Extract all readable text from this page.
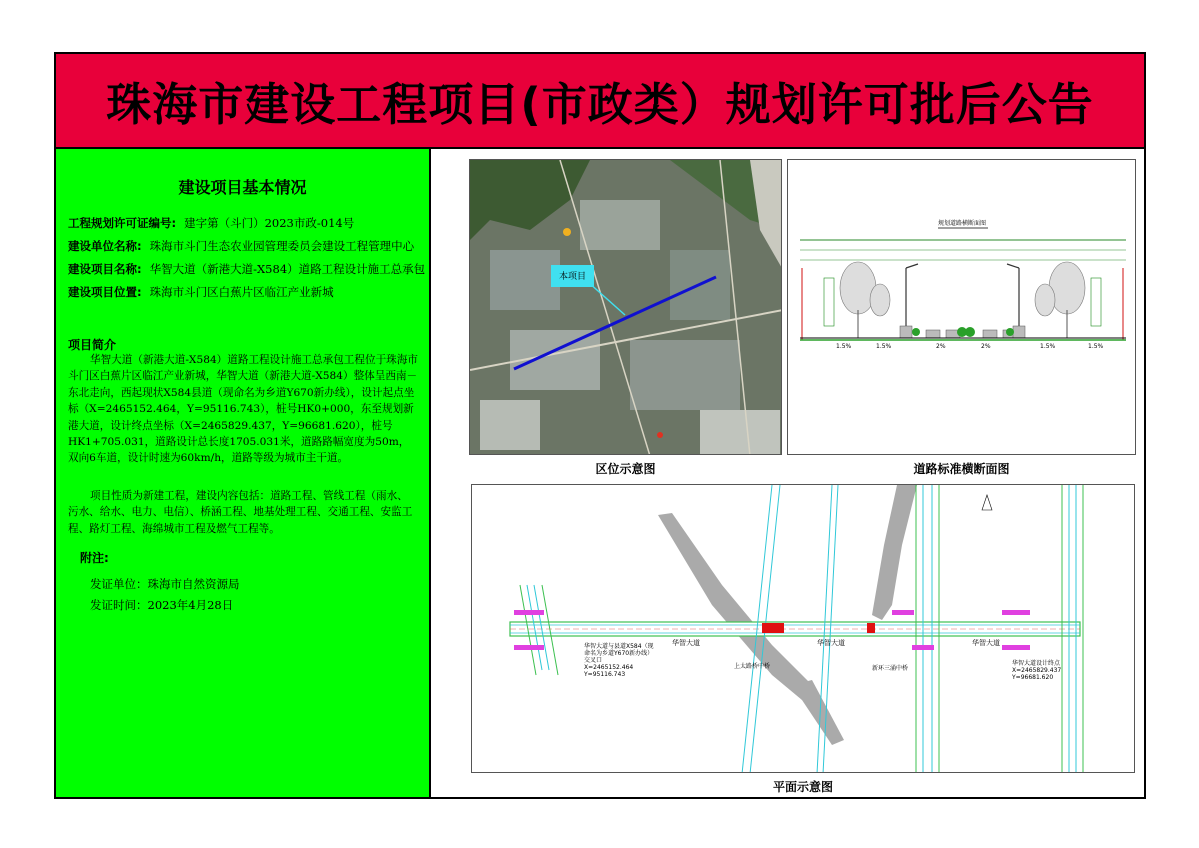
珠海市建设工程项目(市政类）规划许可批后公告
建设项目基本情况
工程规划许可证编号: 建字第（斗门）2023市政-014号
建设单位名称: 珠海市斗门生态农业园管理委员会建设工程管理中心
建设项目名称: 华智大道（新港大道-X584）道路工程设计施工总承包
建设项目位置: 珠海市斗门区白蕉片区临江产业新城
项目简介

华智大道（新港大道-X584）道路工程设计施工总承包工程位于珠海市斗门区白蕉片区临江产业新城，华智大道（新港大道-X584）整体呈西南－东北走向，西起现状X584县道（现命名为乡道Y670新办线），设计起点坐标（X=2465152.464，Y=95116.743），桩号HK0+000，东至规划新港大道，设计终点坐标（X=2465829.437，Y=96681.620），桩号HK1+705.031，道路设计总长度1705.031米，道路路幅宽度为50m，双向6车道，设计时速为60km/h，道路等级为城市主干道。

项目性质为新建工程，建设内容包括：道路工程、管线工程（雨水、污水、给水、电力、电信）、桥涵工程、地基处理工程、交通工程、安监工程、路灯工程、海绵城市工程及燃气工程等。

附注:
发证单位：珠海市自然资源局
发证时间：2023年4月28日
本项目
区位示意图
规划道路横断面图
1.5%	1.5%	2%	2%	1.5%	1.5%
道路标准横断面图
华智大道	华智大道	华智大道
华智大道与县道X584（现命名为乡道Y670新办线）交叉口
X=2465152.464
Y=95116.743
上太路桥中桥	新环三涌中桥
华智大道设计终点
X=2465829.437
Y=96681.620
平面示意图
